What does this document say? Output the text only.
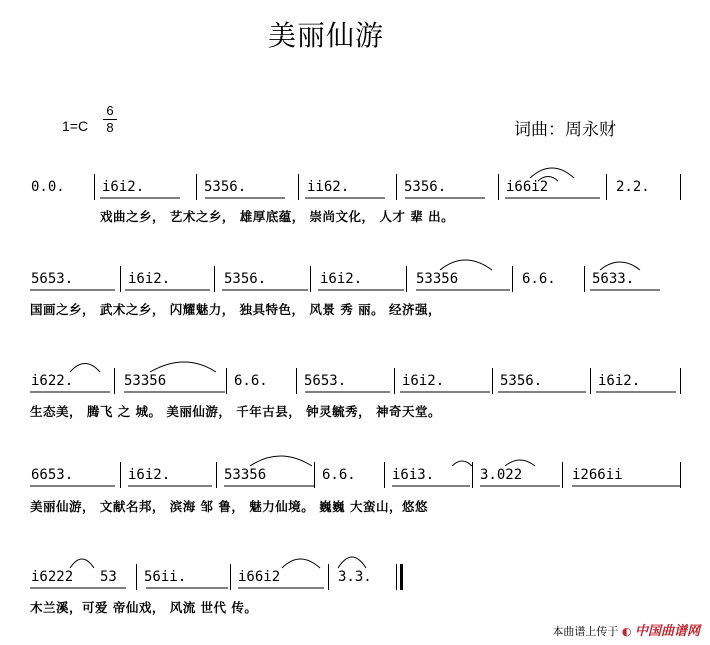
美丽仙游
1=C
6
8	词曲：周永财
0.0.	i6i2.	5356.	ii62.	5356.	i66i2	2.2.
戏曲之乡， 艺术之乡， 雄厚底蕴， 崇尚文化， 人才 辈 出。
5653.	i6i2.	5356.	i6i2.	53356	6.6.	5633.
国画之乡， 武术之乡， 闪耀魅力， 独具特色， 风景 秀 丽。 经济强，
i622.	53356	6.6.	5653.	i6i2.	5356.	i6i2.
生态美， 腾飞 之 城。 美丽仙游， 千年古县， 钟灵毓秀， 神奇天堂。
6653.	i6i2.	53356	6.6.	i6i3.	3.022	i266ii
美丽仙游， 文献名邦， 滨海 邹 鲁， 魅力仙境。 巍巍 大蛮山，悠悠
i6222 53 56ii.	i66i2	3.3.
木兰溪，可爱 帝仙戏， 风流 世代 传。
本曲谱上传于 ◐ 中国曲谱网
